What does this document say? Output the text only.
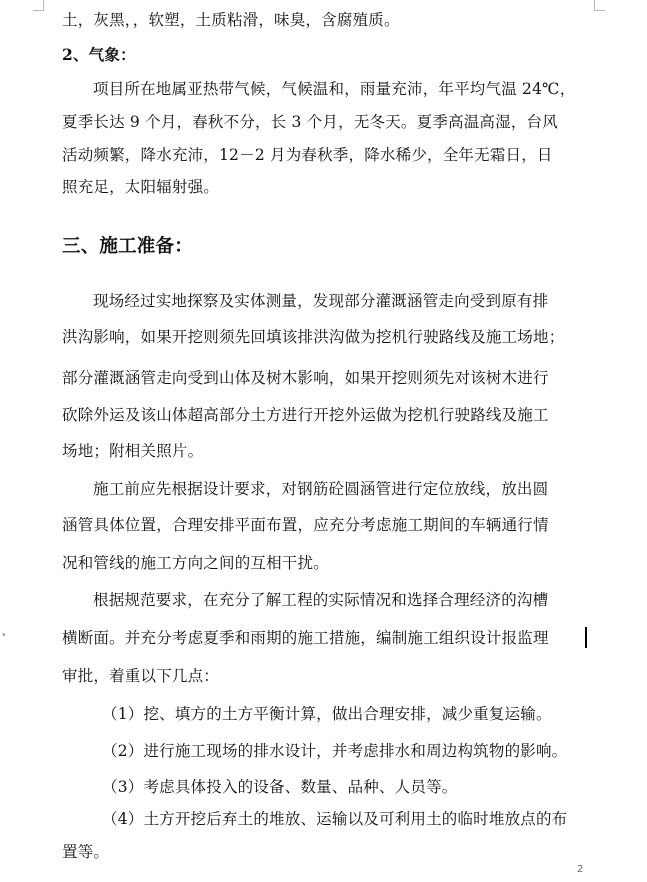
▾
土，灰黑，，软塑，土质粘滑，味臭，含腐殖质。
2、气象：
项目所在地属亚热带气候，气候温和，雨量充沛，年平均气温 24℃，
夏季长达 9 个月，春秋不分，长 3 个月，无冬天。夏季高温高湿，台风
活动频繁，降水充沛，12－2 月为春秋季，降水稀少，全年无霜日，日
照充足，太阳辐射强。
三、施工准备：
现场经过实地探察及实体测量，发现部分灌溉涵管走向受到原有排
洪沟影响，如果开挖则须先回填该排洪沟做为挖机行驶路线及施工场地；
部分灌溉涵管走向受到山体及树木影响，如果开挖则须先对该树木进行
砍除外运及该山体超高部分土方进行开挖外运做为挖机行驶路线及施工
场地；附相关照片。
施工前应先根据设计要求，对钢筋砼圆涵管进行定位放线，放出圆
涵管具体位置，合理安排平面布置，应充分考虑施工期间的车辆通行情
况和管线的施工方向之间的互相干扰。
根据规范要求，在充分了解工程的实际情况和选择合理经济的沟槽
横断面。并充分考虑夏季和雨期的施工措施，编制施工组织设计报监理
审批，着重以下几点：
（1）挖、填方的土方平衡计算，做出合理安排，减少重复运输。
（2）进行施工现场的排水设计，并考虑排水和周边构筑物的影响。
（3）考虑具体投入的设备、数量、品种、人员等。
（4）土方开挖后弃土的堆放、运输以及可利用土的临时堆放点的布
置等。
2
